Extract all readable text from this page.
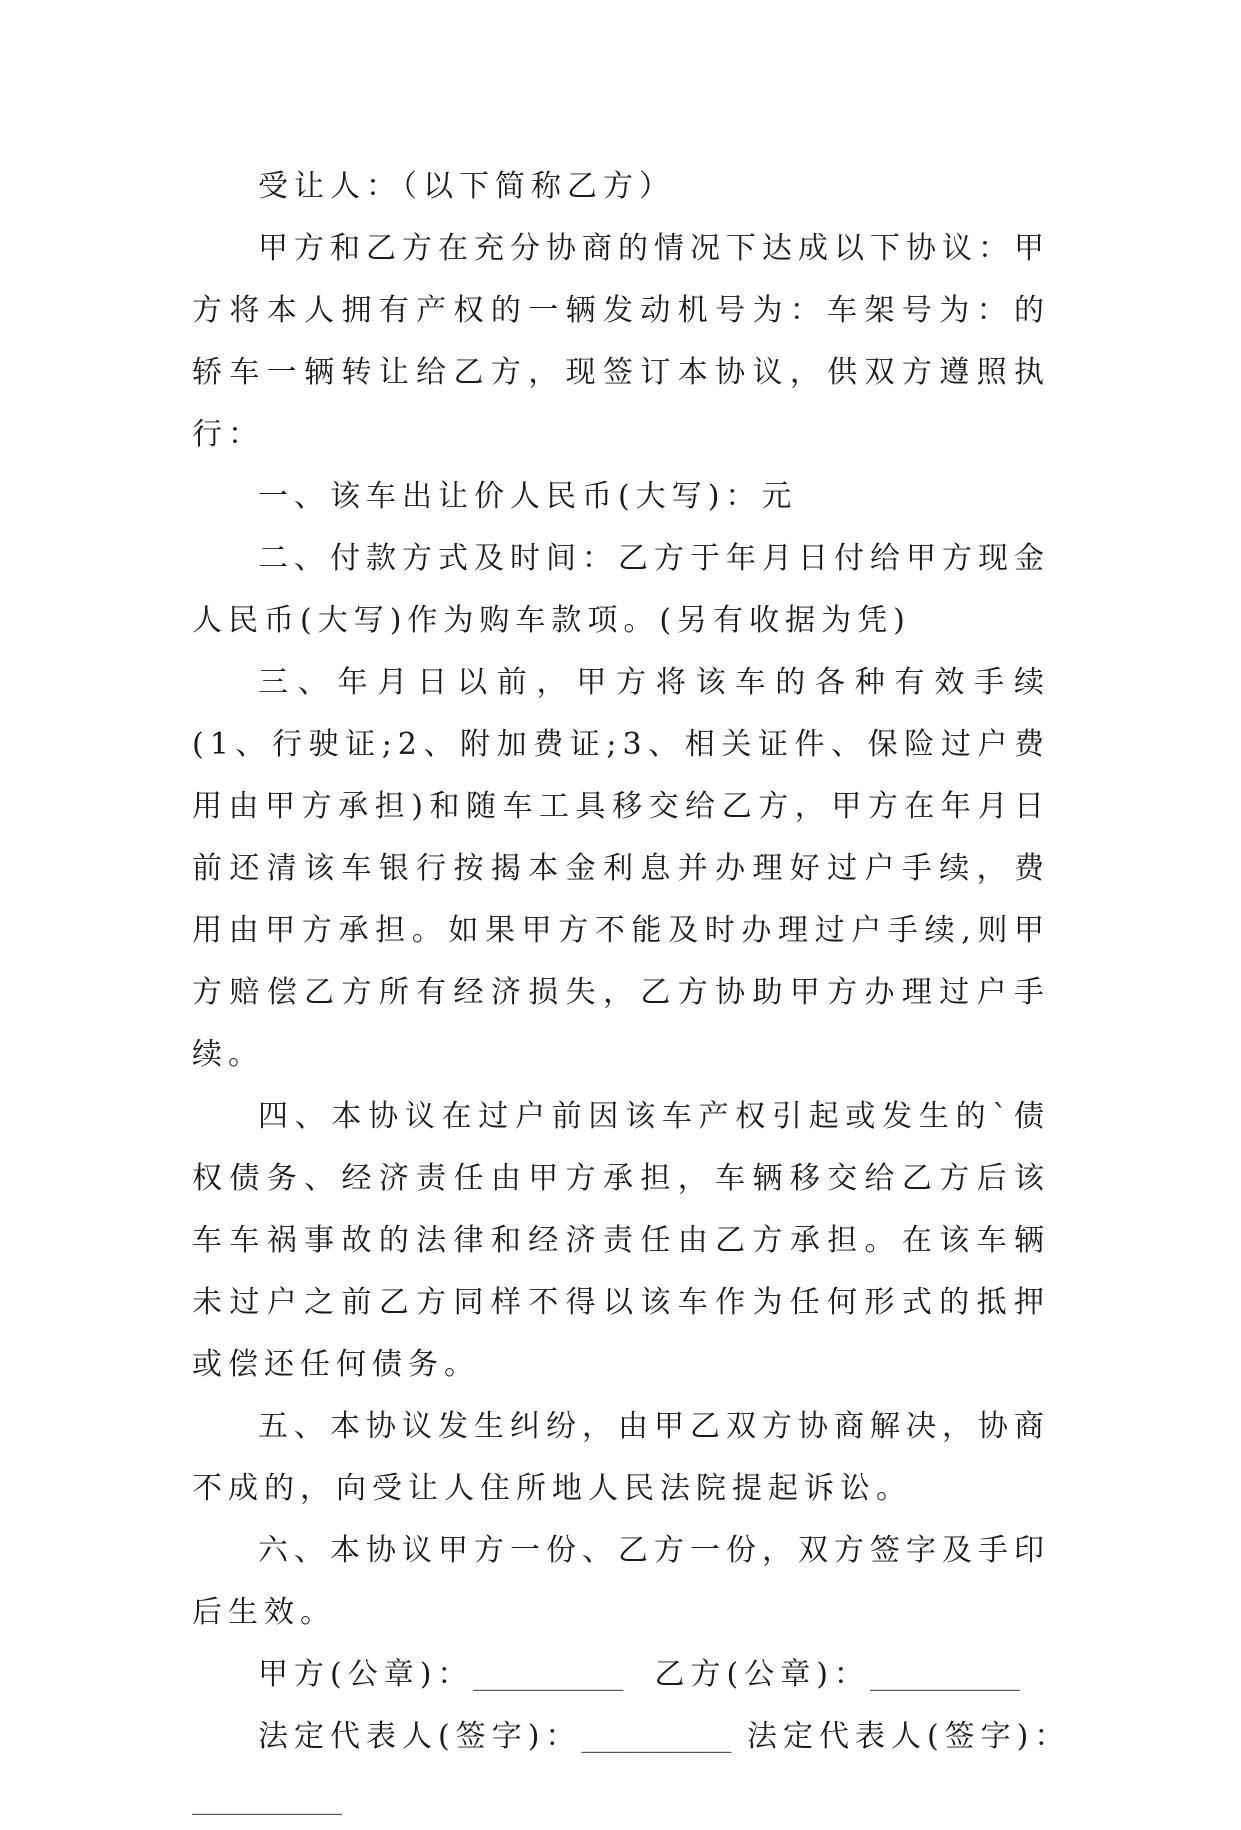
受让人：（以下简称乙方）

甲方和乙方在充分协商的情况下达成以下协议：甲方将本人拥有产权的一辆发动机号为：车架号为：的轿车一辆转让给乙方，现签订本协议，供双方遵照执行：

一、该车出让价人民币(大写)：元

二、付款方式及时间：乙方于年月日付给甲方现金人民币(大写)作为购车款项。(另有收据为凭)

三、年月日以前，甲方将该车的各种有效手续(1、行驶证;2、附加费证;3、相关证件、保险过户费用由甲方承担)和随车工具移交给乙方，甲方在年月日前还清该车银行按揭本金利息并办理好过户手续，费用由甲方承担。如果甲方不能及时办理过户手续,则甲方赔偿乙方所有经济损失，乙方协助甲方办理过户手续。

四、本协议在过户前因该车产权引起或发生的`债权债务、经济责任由甲方承担，车辆移交给乙方后该车车祸事故的法律和经济责任由乙方承担。在该车辆未过户之前乙方同样不得以该车作为任何形式的抵押或偿还任何债务。

五、本协议发生纠纷，由甲乙双方协商解决，协商不成的，向受让人住所地人民法院提起诉讼。

六、本协议甲方一份、乙方一份，双方签字及手印后生效。

甲方(公章)：__________ 乙方(公章)：__________

法定代表人(签字)：__________ 法定代表人(签字)：

__________
